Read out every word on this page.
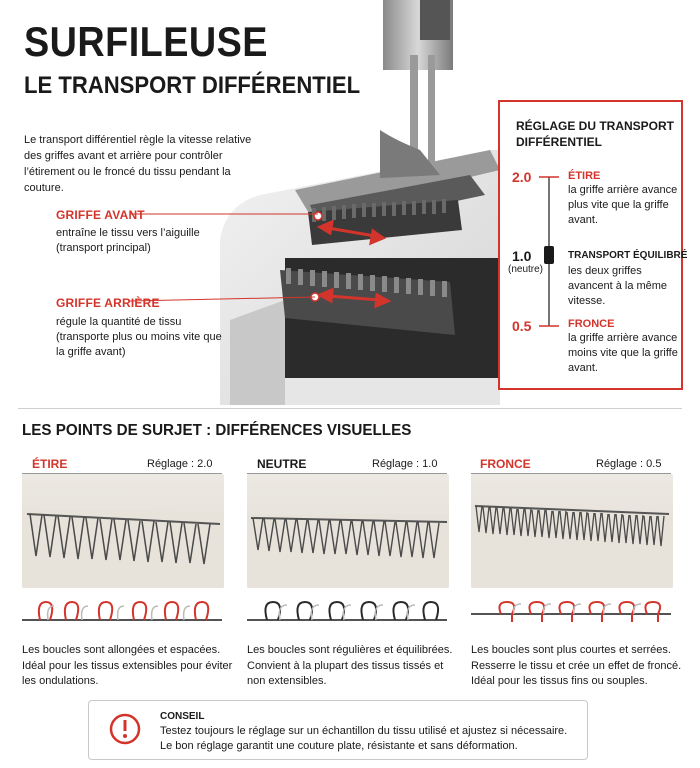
SURFILEUSE
LE TRANSPORT DIFFÉRENTIEL
Le transport différentiel règle la vitesse relative des griffes avant et arrière pour contrôler l’étirement ou le froncé du tissu pendant la couture.
GRIFFE AVANT
entraîne le tissu vers l’aiguille (transport principal)
GRIFFE ARRIÈRE
régule la quantité de tissu (transporte plus ou moins vite que la griffe avant)
RÉGLAGE DU TRANSPORT DIFFÉRENTIEL
2.0	ÉTIRE
la griffe arrière avance plus vite que la griffe avant.
1.0
(neutre)
TRANSPORT ÉQUILIBRÉ
les deux griffes avancent à la même vitesse.
0.5	FRONCE
la griffe arrière avance moins vite que la griffe avant.
LES POINTS DE SURJET : DIFFÉRENCES VISUELLES
ÉTIRE	Réglage : 2.0
Les boucles sont allongées et espacées. Idéal pour les tissus extensibles pour éviter les ondulations.
NEUTRE	Réglage : 1.0
Les boucles sont régulières et équilibrées. Convient à la plupart des tissus tissés et non extensibles.
FRONCE	Réglage : 0.5
Les boucles sont plus courtes et serrées. Resserre le tissu et crée un effet de froncé. Idéal pour les tissus fins ou souples.
CONSEIL
Testez toujours le réglage sur un échantillon du tissu utilisé et ajustez si nécessaire. Le bon réglage garantit une couture plate, résistante et sans déformation.
